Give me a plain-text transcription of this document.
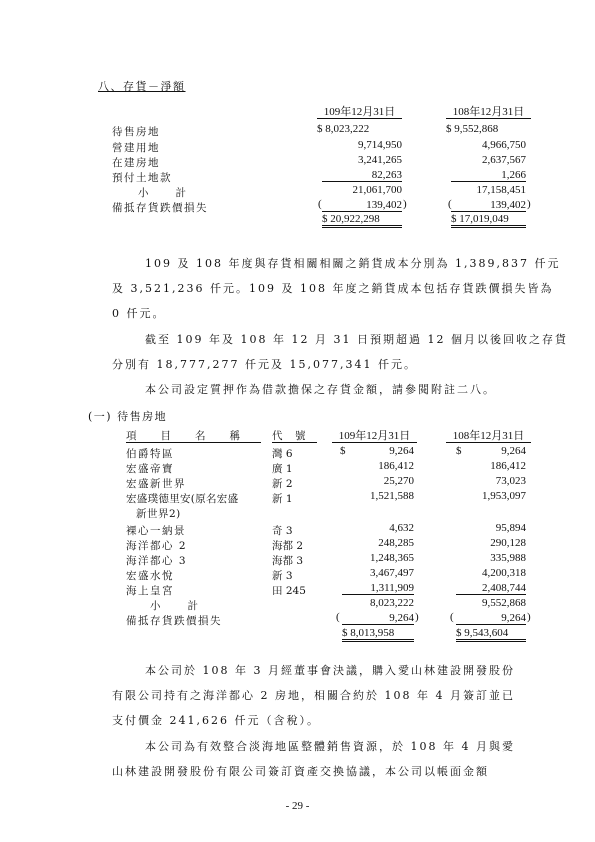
八、存貨－淨額
109年12月31日	108年12月31日
待售房地	$ 8,023,222	$ 9,552,868
營建用地	9,714,950	4,966,750
在建房地	3,241,265	2,637,567
預付土地款	82,263	1,266
小　　計	21,061,700	17,158,451
備抵存貨跌價損失	(	139,402 )	(	139,402 )
$ 20,922,298	$ 17,019,049
109 及 108 年度與存貨相關相關之銷貨成本分別為 1,389,837 仟元
及 3,521,236 仟元。109 及 108 年度之銷貨成本包括存貨跌價損失皆為
0 仟元。
截至 109 年及 108 年 12 月 31 日預期超過 12 個月以後回收之存貨
分別有 18,777,277 仟元及 15,077,341 仟元。
本公司設定質押作為借款擔保之存貨金額，請參閱附註二八。
(一) 待售房地
項　　目　　名　　稱	代　號	109年12月31日	108年12月31日
伯爵特區	灣 6	$	9,264	$	9,264
宏盛帝寶	廣 1	186,412	186,412
宏盛新世界	新 2	25,270	73,023
宏盛璞德里安(原名宏盛	新 1	1,521,588	1,953,097
新世界2)
裸心一納景	奇 3	4,632	95,894
海洋都心 2	海都 2	248,285	290,128
海洋都心 3	海都 3	1,248,365	335,988
宏盛水悅	新 3	3,467,497	4,200,318
海上皇宮	田 245	1,311,909	2,408,744
小　　計	8,023,222	9,552,868
備抵存貨跌價損失	(	9,264 )	(	9,264 )
$ 8,013,958	$ 9,543,604
本公司於 108 年 3 月經董事會決議，購入愛山林建設開發股份
有限公司持有之海洋都心 2 房地，相關合約於 108 年 4 月簽訂並已
支付價金 241,626 仟元（含稅）。
本公司為有效整合淡海地區整體銷售資源，於 108 年 4 月與愛
山林建設開發股份有限公司簽訂資產交換協議，本公司以帳面金額
- 29 -
